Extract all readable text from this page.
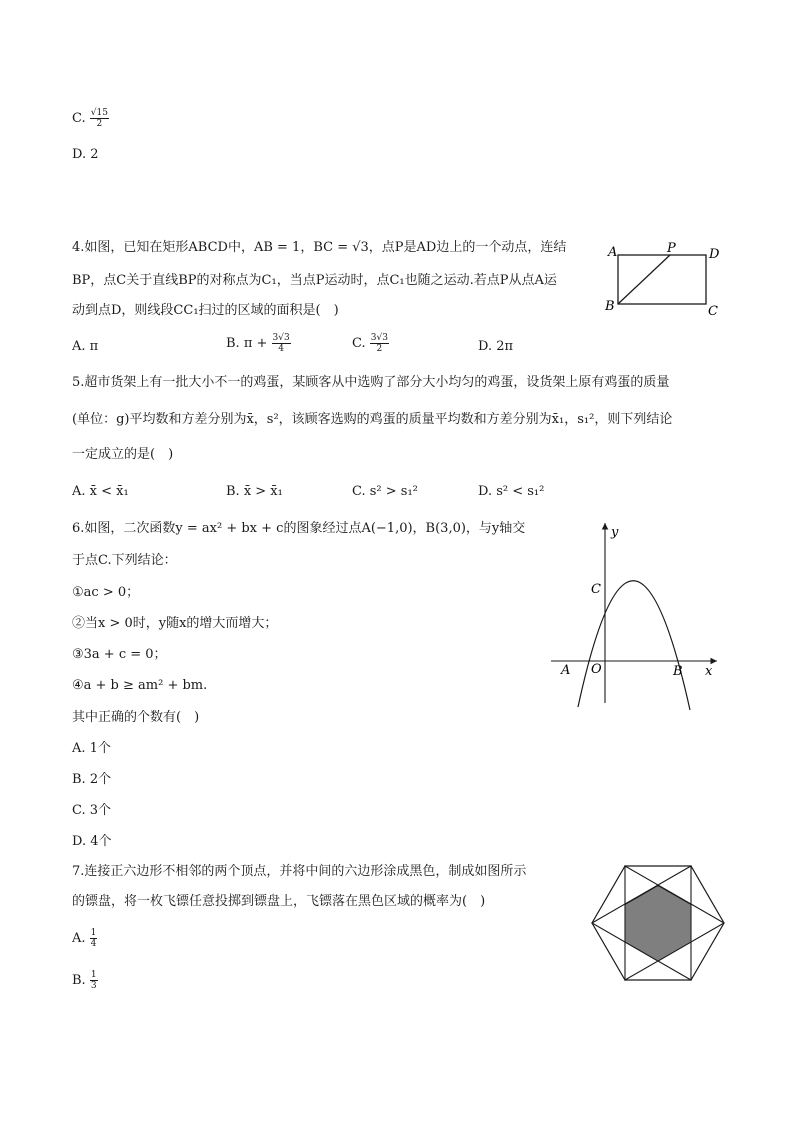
C. $\frac{√15}{2}$
D. 2
4.如图，已知在矩形ABCD中，AB = 1，BC = √3，点P是AD边上的一个动点，连结
BP，点C关于直线BP的对称点为C₁，当点P运动时，点C₁也随之运动.若点P从点A运
动到点D，则线段CC₁扫过的区域的面积是(　)
A	P	D
B	C
A. π	B. $\pi + \frac{3√3}{4}$	C. $\frac{3√3}{2}$	D. 2π
5.超市货架上有一批大小不一的鸡蛋，某顾客从中选购了部分大小均匀的鸡蛋，设货架上原有鸡蛋的质量
(单位：g)平均数和方差分别为x̄，s²，该顾客选购的鸡蛋的质量平均数和方差分别为x̄₁，s₁²，则下列结论
一定成立的是(　)
A. x̄ < x̄₁	B. x̄ > x̄₁	C. s² > s₁²	D. s² < s₁²
6.如图，二次函数y = ax² + bx + c的图象经过点A(−1,0)，B(3,0)，与y轴交
于点C.下列结论：
①ac > 0；
②当x > 0时，y随x的增大而增大；
③3a + c = 0；
④a + b ≥ am² + bm.
其中正确的个数有(　)
A. 1个
B. 2个
C. 3个
D. 4个
y
x
C
A O	B
7.连接正六边形不相邻的两个顶点，并将中间的六边形涂成黑色，制成如图所示
的镖盘，将一枚飞镖任意投掷到镖盘上，飞镖落在黑色区域的概率为(　)
A. $\frac{1}{4}$
B. $\frac{1}{3}$
